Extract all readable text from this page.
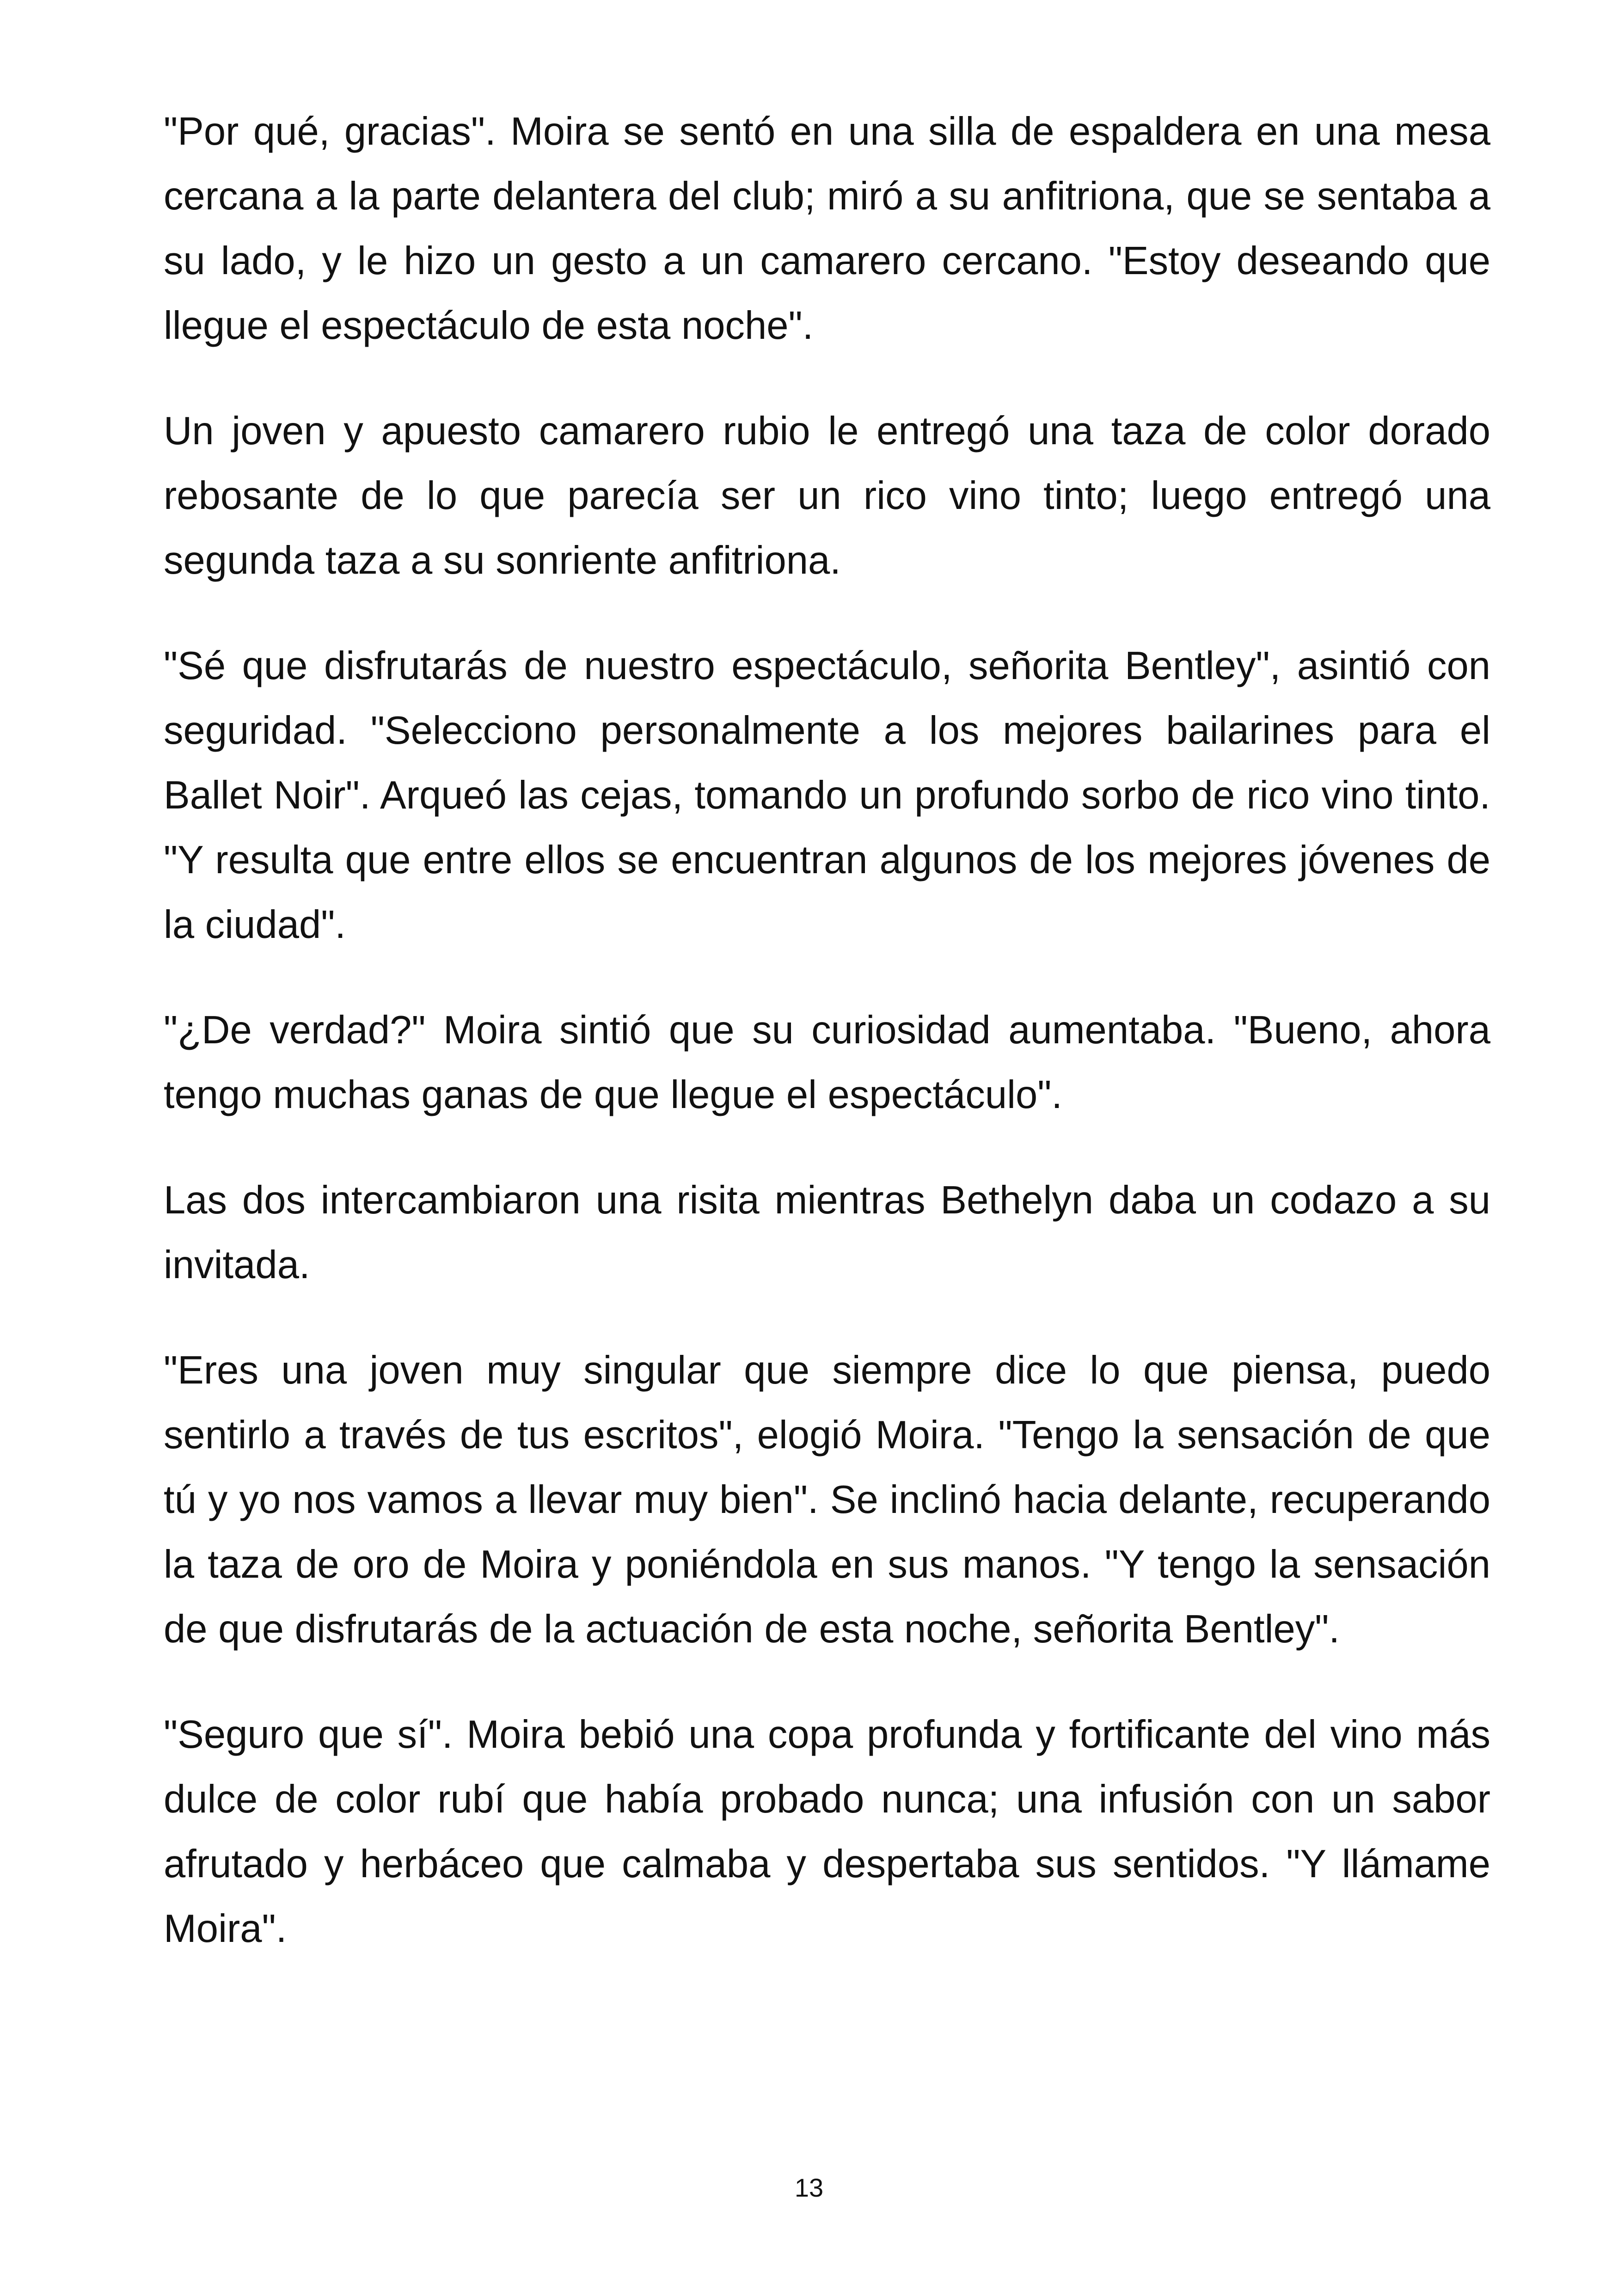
"Por qué, gracias". Moira se sentó en una silla de espaldera en una mesa cercana a la parte delantera del club; miró a su anfitriona, que se sentaba a su lado, y le hizo un gesto a un camarero cercano. "Estoy deseando que llegue el espectáculo de esta noche".

Un joven y apuesto camarero rubio le entregó una taza de color dorado rebosante de lo que parecía ser un rico vino tinto; luego entregó una segunda taza a su sonriente anfitriona.

"Sé que disfrutarás de nuestro espectáculo, señorita Bentley", asintió con seguridad. "Selecciono personalmente a los mejores bailarines para el Ballet Noir". Arqueó las cejas, tomando un profundo sorbo de rico vino tinto. "Y resulta que entre ellos se encuentran algunos de los mejores jóvenes de la ciudad".

"¿De verdad?" Moira sintió que su curiosidad aumentaba. "Bueno, ahora tengo muchas ganas de que llegue el espectáculo".

Las dos intercambiaron una risita mientras Bethelyn daba un codazo a su invitada.

"Eres una joven muy singular que siempre dice lo que piensa, puedo sentirlo a través de tus escritos", elogió Moira. "Tengo la sensación de que tú y yo nos vamos a llevar muy bien". Se inclinó hacia delante, recuperando la taza de oro de Moira y poniéndola en sus manos. "Y tengo la sensación de que disfrutarás de la actuación de esta noche, señorita Bentley".

"Seguro que sí". Moira bebió una copa profunda y fortificante del vino más dulce de color rubí que había probado nunca; una infusión con un sabor afrutado y herbáceo que calmaba y despertaba sus sentidos. "Y llámame Moira".

13
